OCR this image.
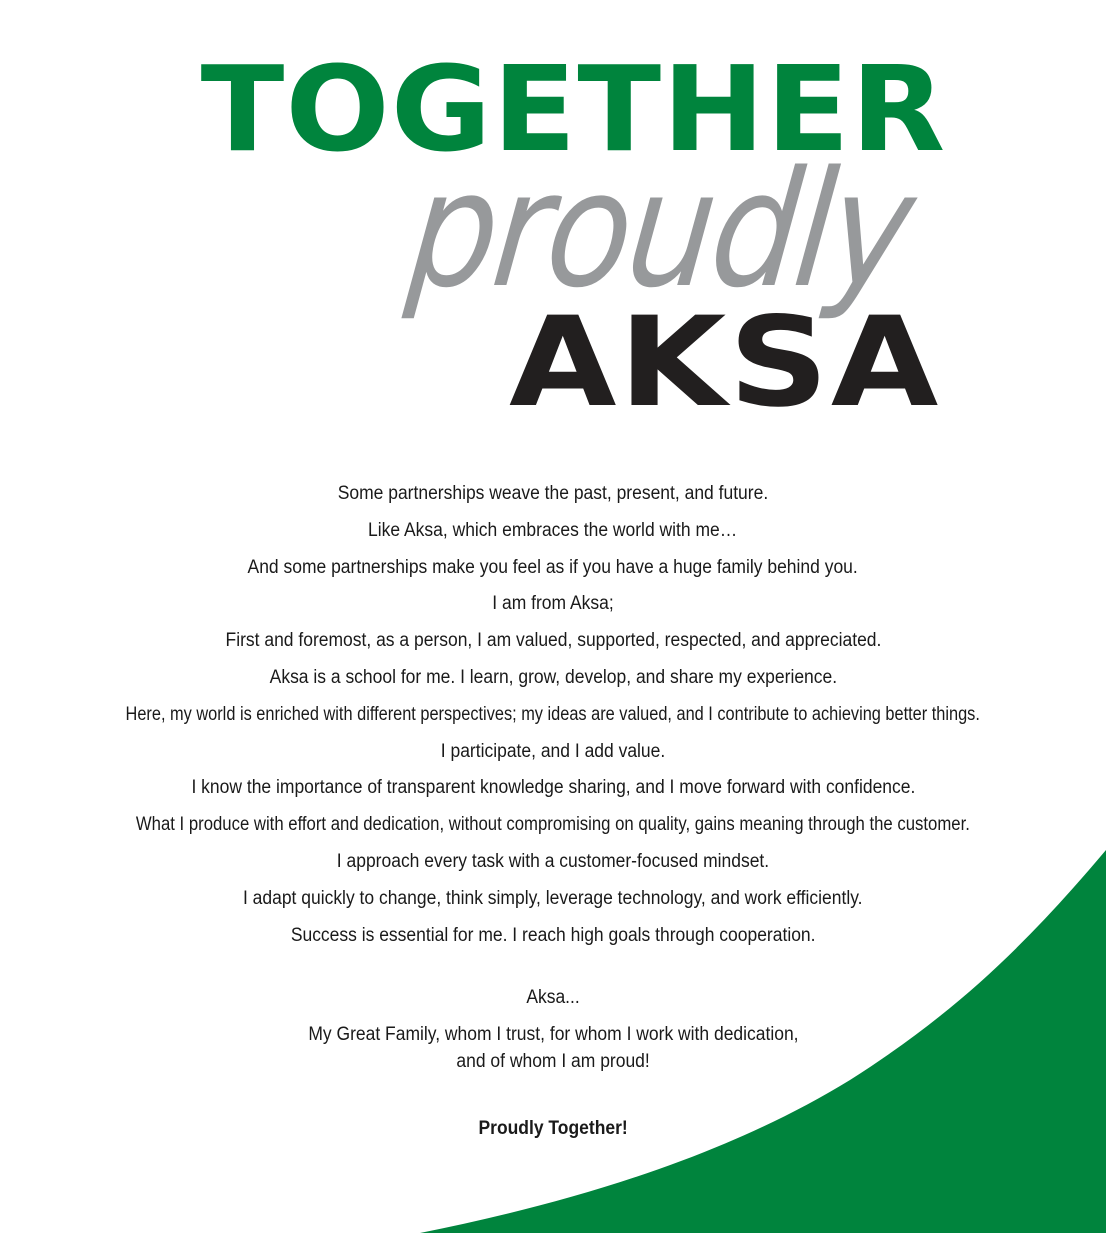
TOGETHER
proudly
AKSA

Some partnerships weave the past, present, and future.

Like Aksa, which embraces the world with me…

And some partnerships make you feel as if you have a huge family behind you.

I am from Aksa;

First and foremost, as a person, I am valued, supported, respected, and appreciated.

Aksa is a school for me. I learn, grow, develop, and share my experience.

Here, my world is enriched with different perspectives; my ideas are valued, and I contribute to achieving better things.

I participate, and I add value.

I know the importance of transparent knowledge sharing, and I move forward with confidence.

What I produce with effort and dedication, without compromising on quality, gains meaning through the customer.

I approach every task with a customer-focused mindset.

I adapt quickly to change, think simply, leverage technology, and work efficiently.

Success is essential for me. I reach high goals through cooperation.

Aksa...
My Great Family, whom I trust, for whom I work with dedication,
and of whom I am proud!
Proudly Together!
